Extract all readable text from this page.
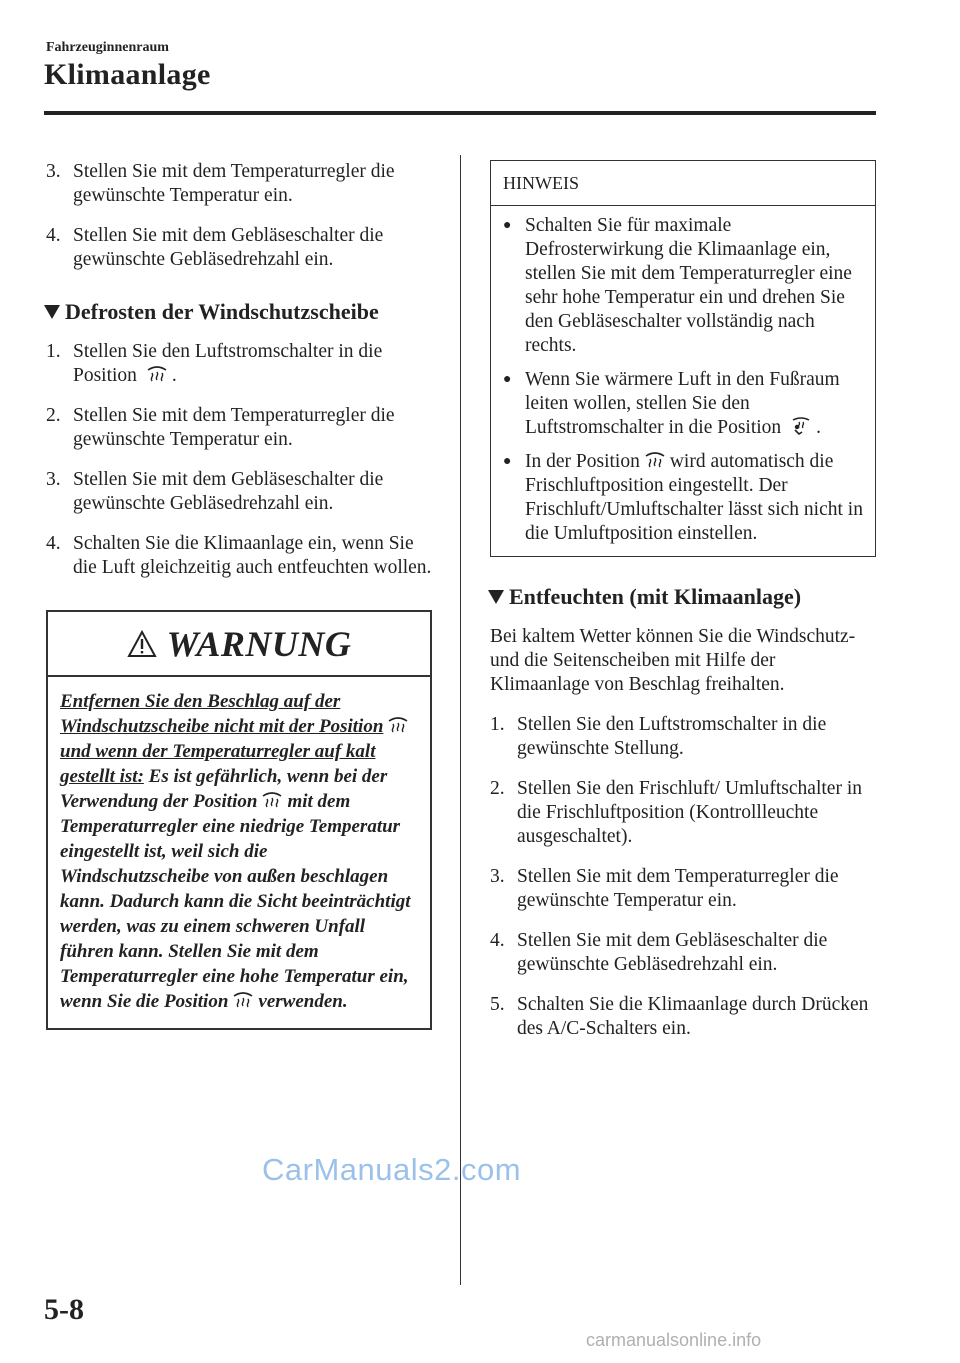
Fahrzeuginnenraum
Klimaanlage
3. Stellen Sie mit dem Temperaturregler die gewünschte Temperatur ein.
4. Stellen Sie mit dem Gebläseschalter die gewünschte Gebläsedrehzahl ein.
Defrosten der Windschutzscheibe
1. Stellen Sie den Luftstromschalter in die Position .
2. Stellen Sie mit dem Temperaturregler die gewünschte Temperatur ein.
3. Stellen Sie mit dem Gebläseschalter die gewünschte Gebläsedrehzahl ein.
4. Schalten Sie die Klimaanlage ein, wenn Sie die Luft gleichzeitig auch entfeuchten wollen.
WARNUNG
Entfernen Sie den Beschlag auf der Windschutzscheibe nicht mit der Positionund wenn der Temperaturregler auf kalt gestellt ist: Es ist gefährlich, wenn bei der Verwendung der Position mit dem Temperaturregler eine niedrige Temperatur eingestellt ist, weil sich die Windschutzscheibe von außen beschlagen kann. Dadurch kann die Sicht beeinträchtigt werden, was zu einem schweren Unfall führen kann. Stellen Sie mit dem Temperaturregler eine hohe Temperatur ein, wenn Sie die Position verwenden.
HINWEIS
● Schalten Sie für maximale Defrosterwirkung die Klimaanlage ein, stellen Sie mit dem Temperaturregler eine sehr hohe Temperatur ein und drehen Sie den Gebläseschalter vollständig nach rechts.
● Wenn Sie wärmere Luft in den Fußraum leiten wollen, stellen Sie den Luftstromschalter in die Position .
● In der Position wird automatisch die Frischluftposition eingestellt. Der Frischluft/Umluftschalter lässt sich nicht in die Umluftposition einstellen.
Entfeuchten (mit Klimaanlage)
Bei kaltem Wetter können Sie die Windschutz- und die Seitenscheiben mit Hilfe der Klimaanlage von Beschlag freihalten.
1. Stellen Sie den Luftstromschalter in die gewünschte Stellung.
2. Stellen Sie den Frischluft/ Umluftschalter in die Frischluftposition (Kontrollleuchte ausgeschaltet).
3. Stellen Sie mit dem Temperaturregler die gewünschte Temperatur ein.
4. Stellen Sie mit dem Gebläseschalter die gewünschte Gebläsedrehzahl ein.
5. Schalten Sie die Klimaanlage durch Drücken des A/C-Schalters ein.
CarManuals2.com
5-8
carmanualsonline.info
